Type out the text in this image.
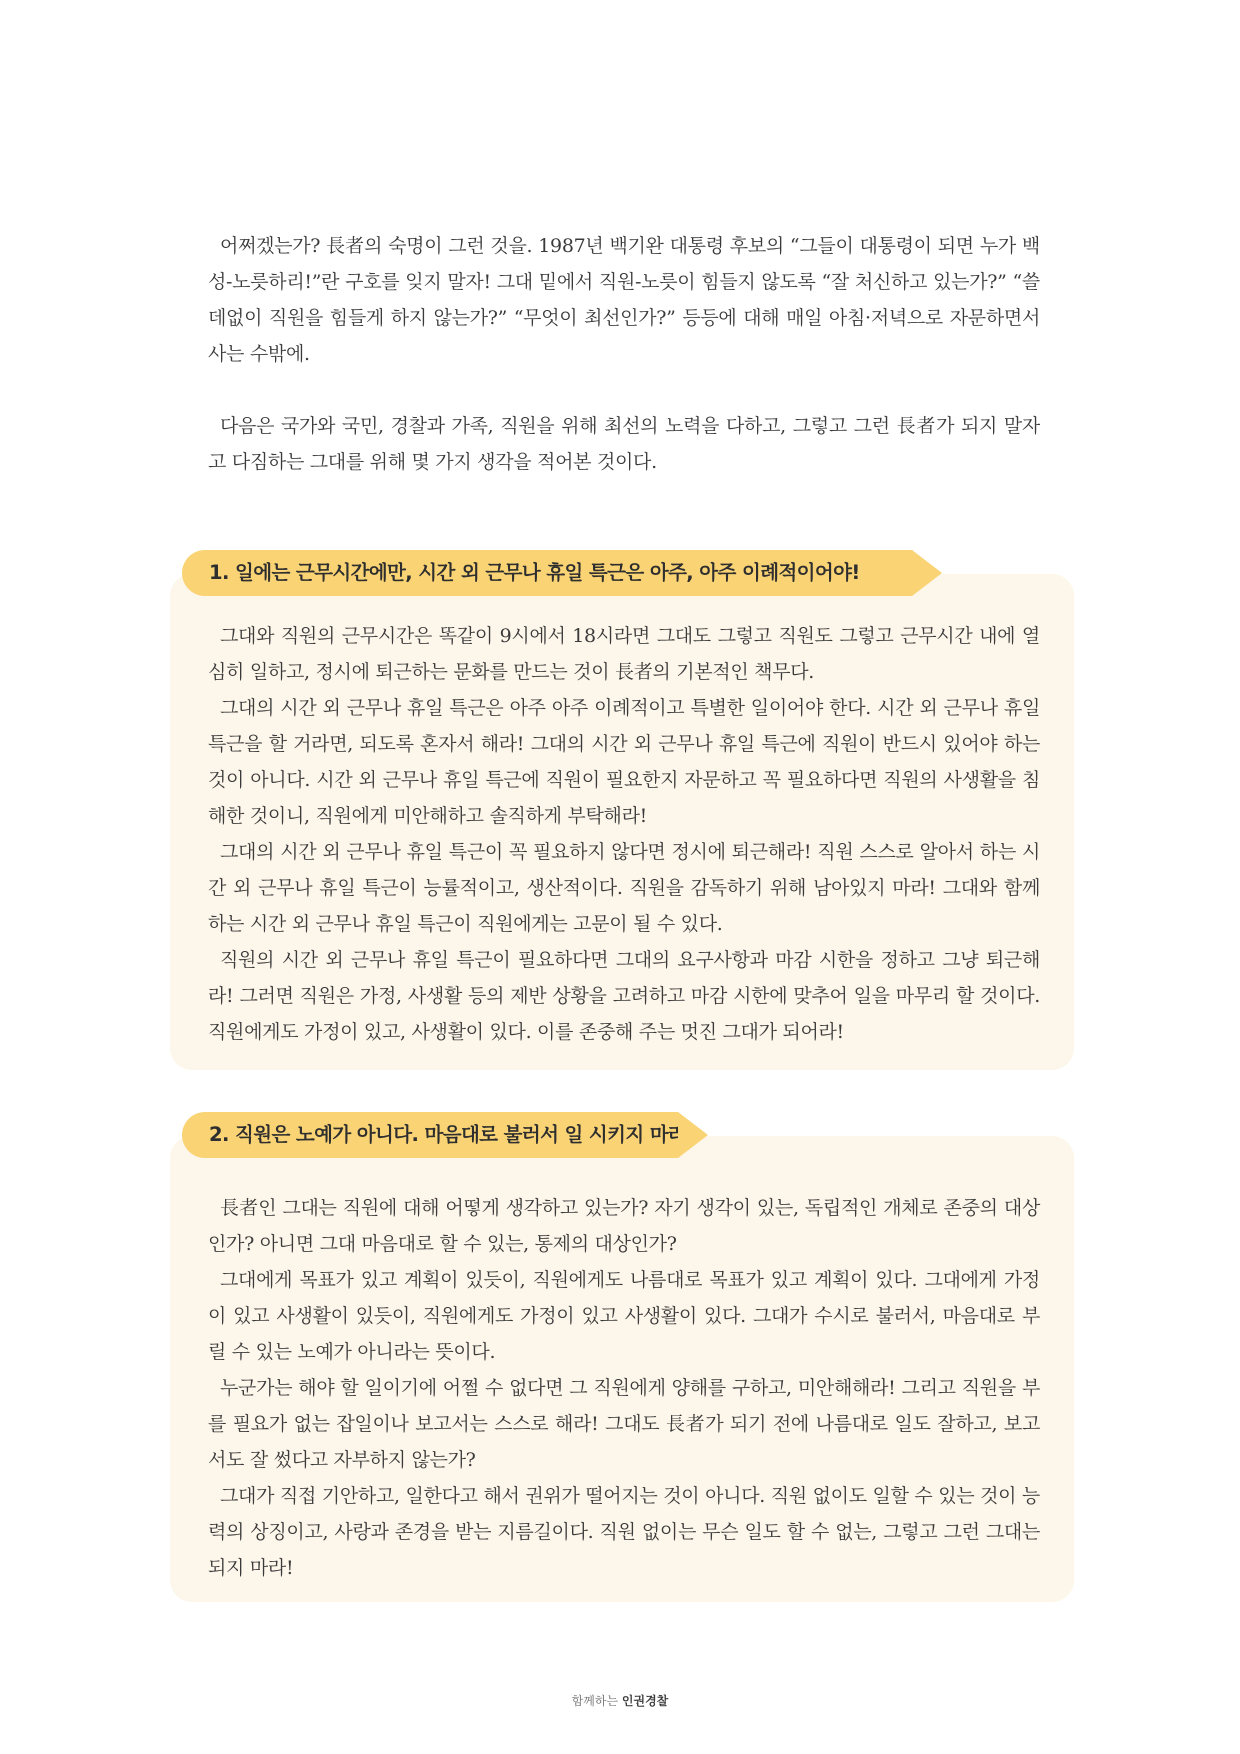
어쩌겠는가? 長者의 숙명이 그런 것을. 1987년 백기완 대통령 후보의 “그들이 대통령이 되면 누가 백성-노릇하리!”란 구호를 잊지 말자! 그대 밑에서 직원-노릇이 힘들지 않도록 “잘 처신하고 있는가?” “쓸데없이 직원을 힘들게 하지 않는가?” “무엇이 최선인가?” 등등에 대해 매일 아침·저녁으로 자문하면서 사는 수밖에.

다음은 국가와 국민, 경찰과 가족, 직원을 위해 최선의 노력을 다하고, 그렇고 그런 長者가 되지 말자고 다짐하는 그대를 위해 몇 가지 생각을 적어본 것이다.

1. 일에는 근무시간에만, 시간 외 근무나 휴일 특근은 아주, 아주 이례적이어야!

그대와 직원의 근무시간은 똑같이 9시에서 18시라면 그대도 그렇고 직원도 그렇고 근무시간 내에 열심히 일하고, 정시에 퇴근하는 문화를 만드는 것이 長者의 기본적인 책무다.

그대의 시간 외 근무나 휴일 특근은 아주 아주 이례적이고 특별한 일이어야 한다. 시간 외 근무나 휴일 특근을 할 거라면, 되도록 혼자서 해라! 그대의 시간 외 근무나 휴일 특근에 직원이 반드시 있어야 하는 것이 아니다. 시간 외 근무나 휴일 특근에 직원이 필요한지 자문하고 꼭 필요하다면 직원의 사생활을 침해한 것이니, 직원에게 미안해하고 솔직하게 부탁해라!

그대의 시간 외 근무나 휴일 특근이 꼭 필요하지 않다면 정시에 퇴근해라! 직원 스스로 알아서 하는 시간 외 근무나 휴일 특근이 능률적이고, 생산적이다. 직원을 감독하기 위해 남아있지 마라! 그대와 함께하는 시간 외 근무나 휴일 특근이 직원에게는 고문이 될 수 있다.

직원의 시간 외 근무나 휴일 특근이 필요하다면 그대의 요구사항과 마감 시한을 정하고 그냥 퇴근해라! 그러면 직원은 가정, 사생활 등의 제반 상황을 고려하고 마감 시한에 맞추어 일을 마무리 할 것이다. 직원에게도 가정이 있고, 사생활이 있다. 이를 존중해 주는 멋진 그대가 되어라!

2. 직원은 노예가 아니다. 마음대로 불러서 일 시키지 마라!

長者인 그대는 직원에 대해 어떻게 생각하고 있는가? 자기 생각이 있는, 독립적인 개체로 존중의 대상인가? 아니면 그대 마음대로 할 수 있는, 통제의 대상인가?

그대에게 목표가 있고 계획이 있듯이, 직원에게도 나름대로 목표가 있고 계획이 있다. 그대에게 가정이 있고 사생활이 있듯이, 직원에게도 가정이 있고 사생활이 있다. 그대가 수시로 불러서, 마음대로 부릴 수 있는 노예가 아니라는 뜻이다.

누군가는 해야 할 일이기에 어쩔 수 없다면 그 직원에게 양해를 구하고, 미안해해라! 그리고 직원을 부를 필요가 없는 잡일이나 보고서는 스스로 해라! 그대도 長者가 되기 전에 나름대로 일도 잘하고, 보고서도 잘 썼다고 자부하지 않는가?

그대가 직접 기안하고, 일한다고 해서 권위가 떨어지는 것이 아니다. 직원 없이도 일할 수 있는 것이 능력의 상징이고, 사랑과 존경을 받는 지름길이다. 직원 없이는 무슨 일도 할 수 없는, 그렇고 그런 그대는 되지 마라!

함께하는 인권경찰
